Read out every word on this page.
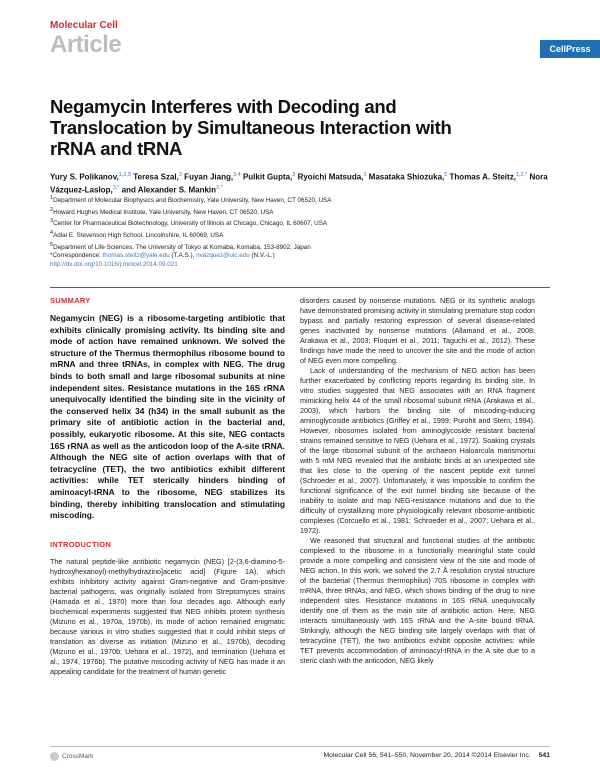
Molecular Cell
Article	CellPress
Negamycin Interferes with Decoding and Translocation by Simultaneous Interaction with rRNA and tRNA
Yury S. Polikanov,$^{1,2,5}$ Teresa Szal,$^3$ Fuyan Jiang,$^{3,4}$ Pulkit Gupta,$^3$ Ryoichi Matsuda,$^3$ Masataka Shiozuka,$^5$ Thomas A. Steitz,$^{1,2,*}$ Nora Vázquez-Laslop,$^{3,*}$ and Alexander S. Mankin$^{3,*}$
1Department of Molecular Biophysics and Biochemistry, Yale University, New Haven, CT 06520, USA
2Howard Hughes Medical Institute, Yale University, New Haven, CT 06520, USA
3Center for Pharmaceutical Biotechnology, University of Illinois at Chicago, Chicago, IL 60607, USA
4Adlai E. Stevenson High School, Lincolnshire, IL 60069, USA
5Department of Life Sciences, The University of Tokyo at Komaba, Komaba, 153-8902, Japan
*Correspondence: thomas.steitz@yale.edu (T.A.S.), nvazquez@uic.edu (N.V.-L.)
http://dx.doi.org/10.1016/j.molcel.2014.09.021
SUMMARY
Negamycin (NEG) is a ribosome-targeting antibiotic that exhibits clinically promising activity. Its binding site and mode of action have remained unknown. We solved the structure of the Thermus thermophilus ribosome bound to mRNA and three tRNAs, in complex with NEG. The drug binds to both small and large ribosomal subunits at nine independent sites. Resistance mutations in the 16S rRNA unequivocally identified the binding site in the vicinity of the conserved helix 34 (h34) in the small subunit as the primary site of antibiotic action in the bacterial and, possibly, eukaryotic ribosome. At this site, NEG contacts 16S rRNA as well as the anticodon loop of the A-site tRNA. Although the NEG site of action overlaps with that of tetracycline (TET), the two antibiotics exhibit different activities: while TET sterically hinders binding of aminoacyl-tRNA to the ribosome, NEG stabilizes its binding, thereby inhibiting translocation and stimulating miscoding.
INTRODUCTION

The natural peptide-like antibiotic negamycin (NEG) [2-(3,6-diamino-5-hydroxyhexanoyl)-methylhydrazino]acetic acid] (Figure 1A), which exhibits inhibitory activity against Gram-negative and Gram-positive bacterial pathogens, was originally isolated from Streptomyces strains (Hamada et al., 1970) more than four decades ago. Although early biochemical experiments suggested that NEG inhibits protein synthesis (Mizuno et al., 1970a, 1970b), its mode of action remained enigmatic because various in vitro studies suggested that it could inhibit steps of translation as diverse as initiation (Mizuno et al., 1970b), decoding (Mizuno et al., 1970b; Uehara et al., 1972), and termination (Uehara et al., 1974, 1976b). The putative miscoding activity of NEG has made it an appealing candidate for the treatment of human genetic

disorders caused by nonsense mutations. NEG or its synthetic analogs have demonstrated promising activity in stimulating premature stop codon bypass and partially restoring expression of several disease-related genes inactivated by nonsense mutations (Allamand et al., 2008; Arakawa et al., 2003; Floquet et al., 2011; Taguchi et al., 2012). These findings have made the need to uncover the site and the mode of action of NEG even more compelling.

Lack of understanding of the mechanism of NEG action has been further exacerbated by conflicting reports regarding its binding site. In vitro studies suggested that NEG associates with an RNA fragment mimicking helix 44 of the small ribosomal subunit rRNA (Arakawa et al., 2003), which harbors the binding site of miscoding-inducing aminoglycoside antibiotics (Griffey et al., 1999; Purohit and Stern, 1994). However, ribosomes isolated from aminoglycoside resistant bacterial strains remained sensitive to NEG (Uehara et al., 1972). Soaking crystals of the large ribosomal subunit of the archaeon Haloarcula marismortui with 5 mM NEG revealed that the antibiotic binds at an unexpected site that lies close to the opening of the nascent peptide exit tunnel (Schroeder et al., 2007). Unfortunately, it was impossible to confirm the functional significance of the exit tunnel binding site because of the inability to isolate and map NEG-resistance mutations and due to the difficulty of crystallizing more physiologically relevant ribosome-antibiotic complexes (Corcuello et al., 1981; Schroeder et al., 2007; Uehara et al., 1972).

We reasoned that structural and functional studies of the antibiotic complexed to the ribosome in a functionally meaningful state could provide a more compelling and consistent view of the site and mode of NEG action. In this work, we solved the 2.7 Å resolution crystal structure of the bacterial (Thermus thermophilus) 70S ribosome in complex with mRNA, three tRNAs, and NEG, which shows binding of the drug to nine independent sites. Resistance mutations in 16S rRNA unequivocally identify one of them as the main site of antibiotic action. Here, NEG interacts simultaneously with 16S rRNA and the A-site bound tRNA. Strikingly, although the NEG binding site largely overlaps with that of tetracycline (TET), the two antibiotics exhibit opposite activities: while TET prevents accommodation of aminoacyl-tRNA in the A site due to a steric clash with the anticodon, NEG likely

CrossMark	Molecular Cell 56, 541–550, November 20, 2014 ©2014 Elsevier Inc. 541
